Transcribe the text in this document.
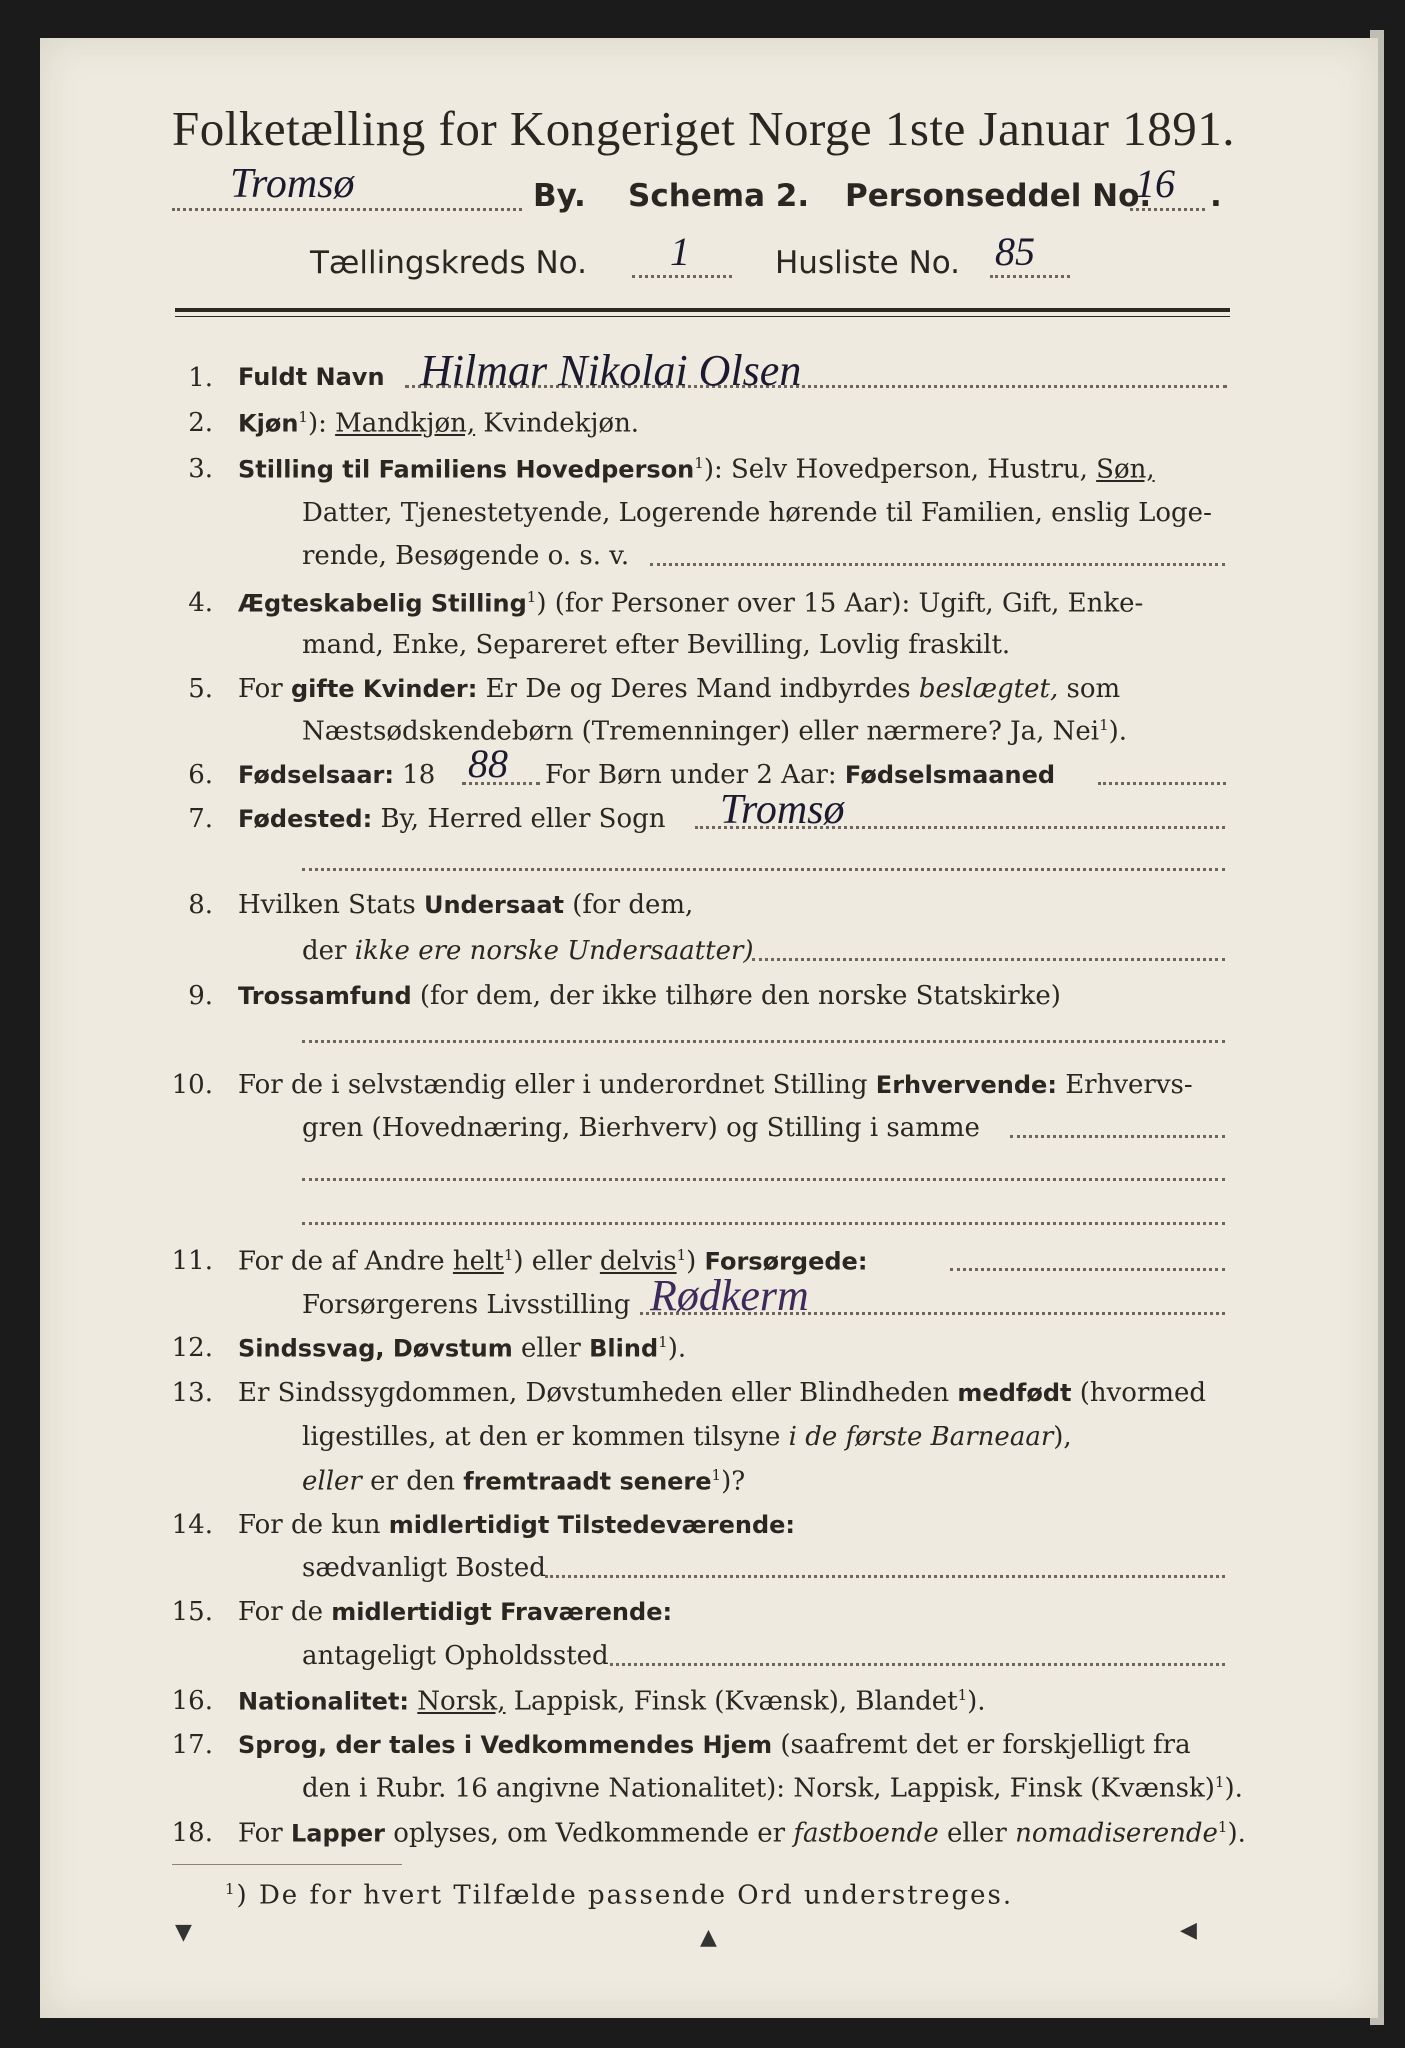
Folketælling for Kongeriget Norge 1ste Januar 1891.
Tromsø	By. Schema 2. Personseddel No.
16 .
Tællingskreds No. 1	Husliste No. 85
1. Fuldt Navn Hilmar Nikolai Olsen
2. Kjøn$^1$): Mandkjøn, Kvindekjøn.
3. Stilling til Familiens Hovedperson$^1$): Selv Hovedperson, Hustru, Søn,
Datter, Tjenestetyende, Logerende hørende til Familien, enslig Loge-
rende, Besøgende o. s. v.
4. Ægteskabelig Stilling$^1$) (for Personer over 15 Aar): Ugift, Gift, Enke-
mand, Enke, Separeret efter Bevilling, Lovlig fraskilt.
5. For gifte Kvinder: Er De og Deres Mand indbyrdes beslægtet, som
Næstsødskendebørn (Tremenninger) eller nærmere? Ja, Nei$^1$).
6. Fødselsaar: 18 88 For Børn under 2 Aar: Fødselsmaaned
7. Fødested: By, Herred eller Sogn Tromsø
8. Hvilken Stats Undersaat (for dem,
der ikke ere norske Undersaatter)
9. Trossamfund (for dem, der ikke tilhøre den norske Statskirke)
10. For de i selvstændig eller i underordnet Stilling Erhvervende: Erhvervs-
gren (Hovednæring, Bierhverv) og Stilling i samme
11. For de af Andre helt$^1$) eller delvis$^1$) Forsørgede:
Forsørgerens Livsstilling Rødkerm
12. Sindssvag, Døvstum eller Blind$^1$).
13. Er Sindssygdommen, Døvstumheden eller Blindheden medfødt (hvormed
ligestilles, at den er kommen tilsyne i de første Barneaar),
eller er den fremtraadt senere$^1$)?
14. For de kun midlertidigt Tilstedeværende:
sædvanligt Bosted
15. For de midlertidigt Fraværende:
antageligt Opholdssted
16. Nationalitet: Norsk, Lappisk, Finsk (Kvænsk), Blandet$^1$).
17. Sprog, der tales i Vedkommendes Hjem (saafremt det er forskjelligt fra
den i Rubr. 16 angivne Nationalitet): Norsk, Lappisk, Finsk (Kvænsk)$^1$).
18. For Lapper oplyses, om Vedkommende er fastboende eller nomadiserende$^1$).
$^1$) De for hvert Tilfælde passende Ord understreges.
▼	▲	◀
